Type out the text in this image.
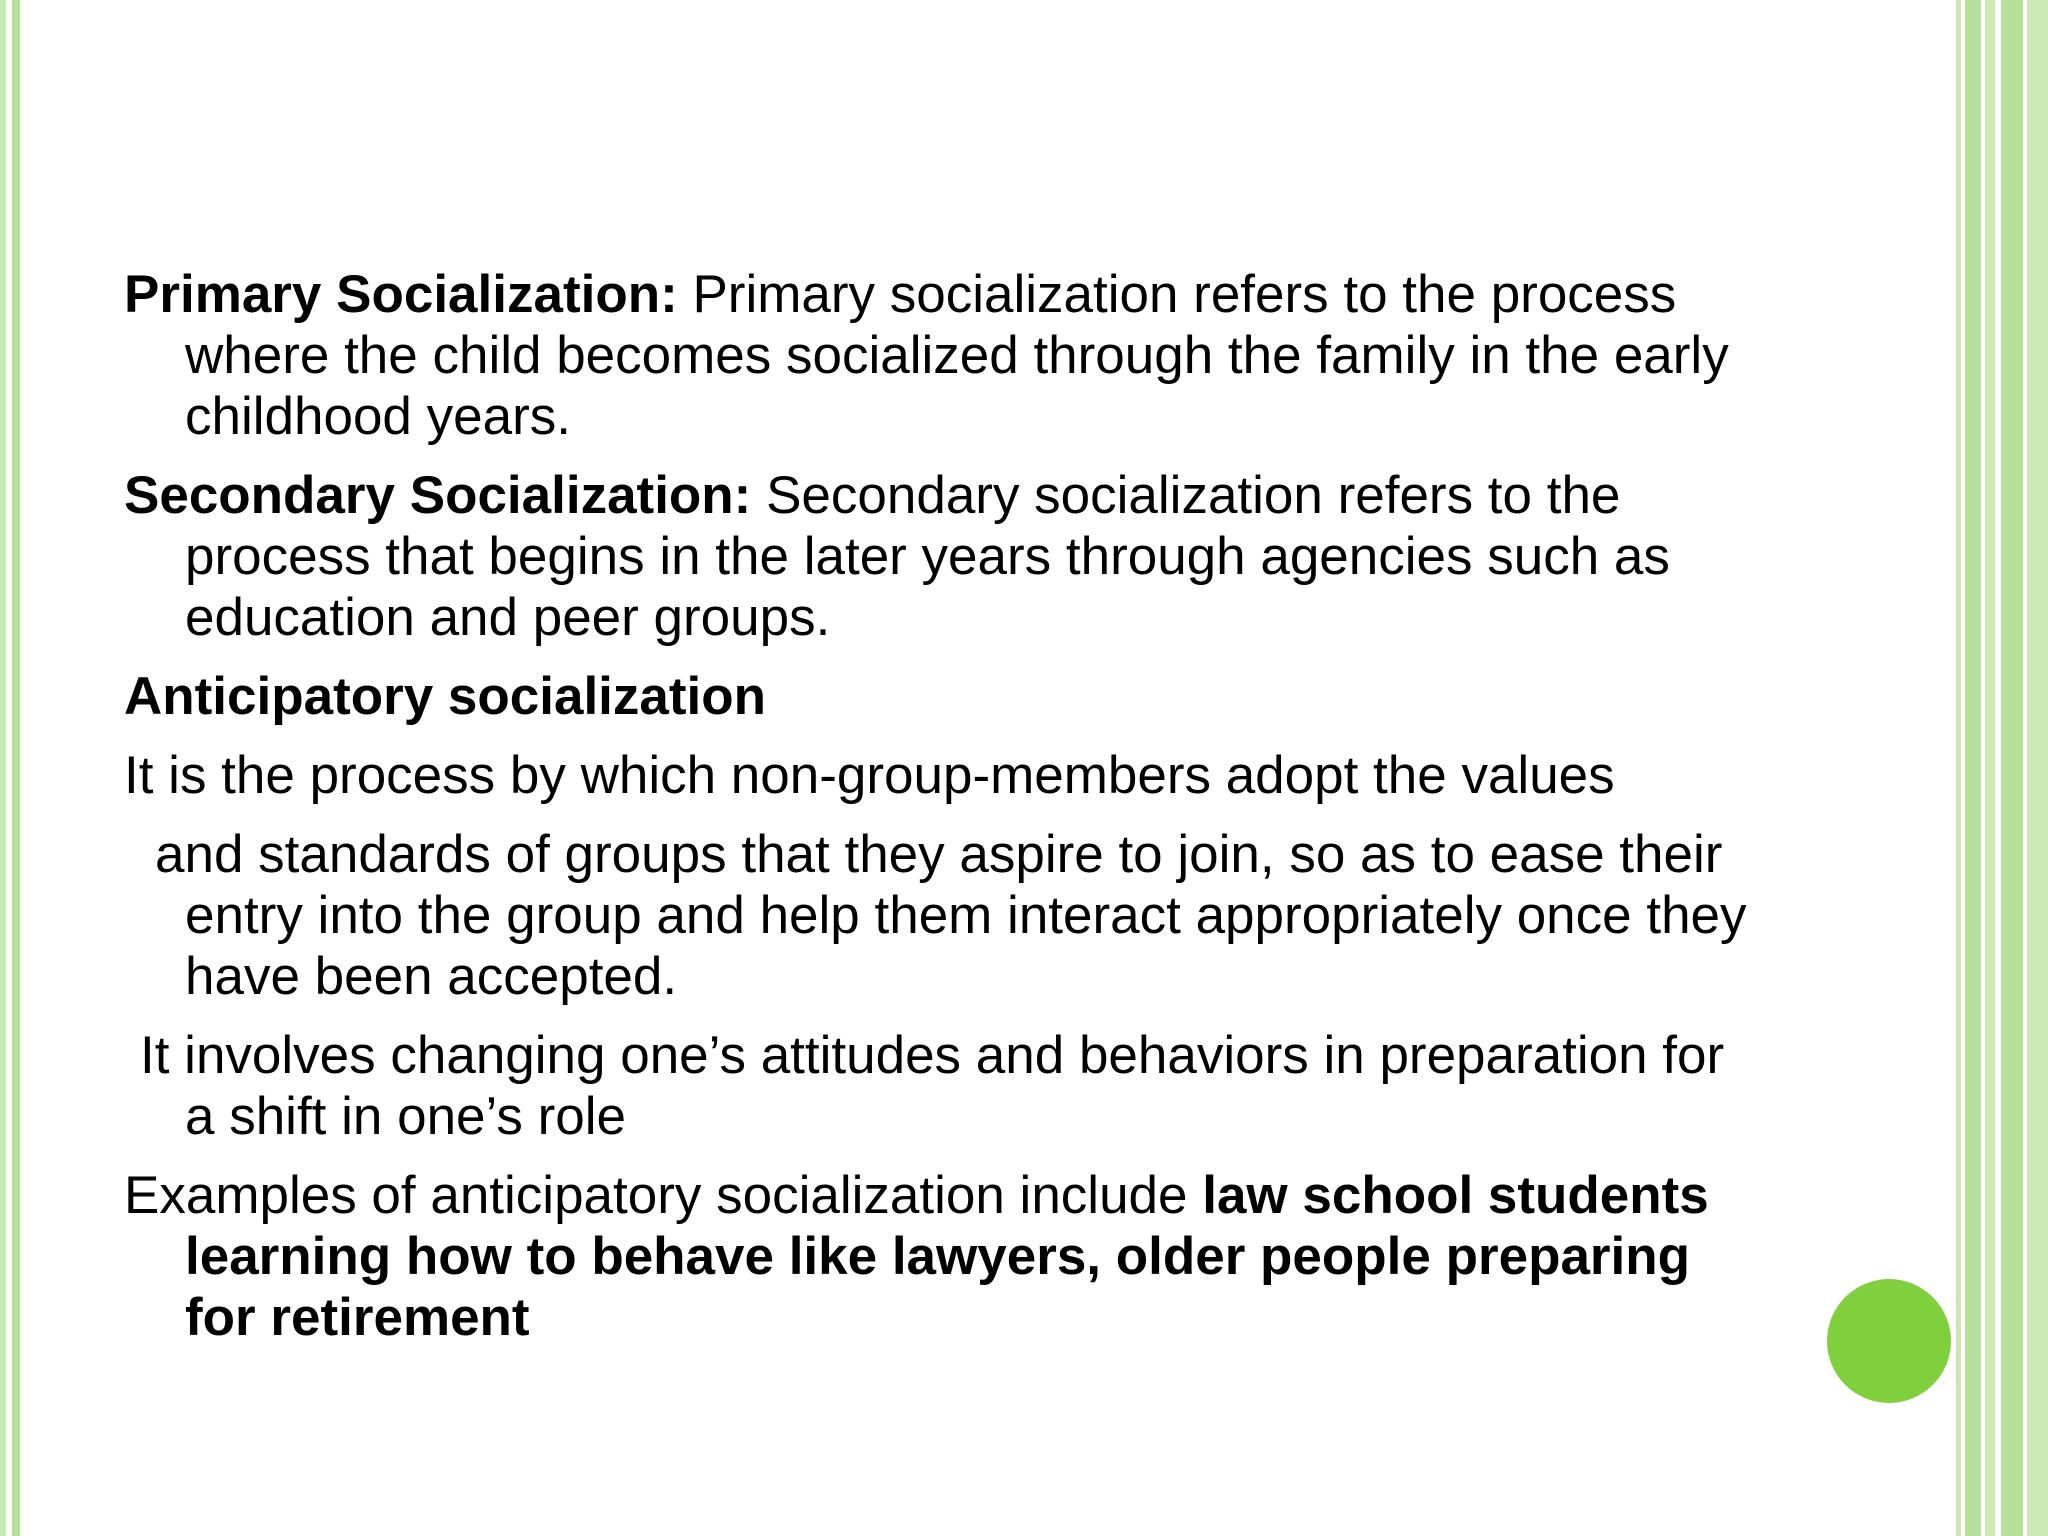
Primary Socialization: Primary socialization refers to the process where the child becomes socialized through the family in the early childhood years.

Secondary Socialization: Secondary socialization refers to the process that begins in the later years through agencies such as education and peer groups.

Anticipatory socialization

It is the process by which non-group-members adopt the values

and standards of groups that they aspire to join, so as to ease their entry into the group and help them interact appropriately once they have been accepted.

It involves changing one’s attitudes and behaviors in preparation for a shift in one’s role

Examples of anticipatory socialization include law school students learning how to behave like lawyers, older people preparing for retirement
